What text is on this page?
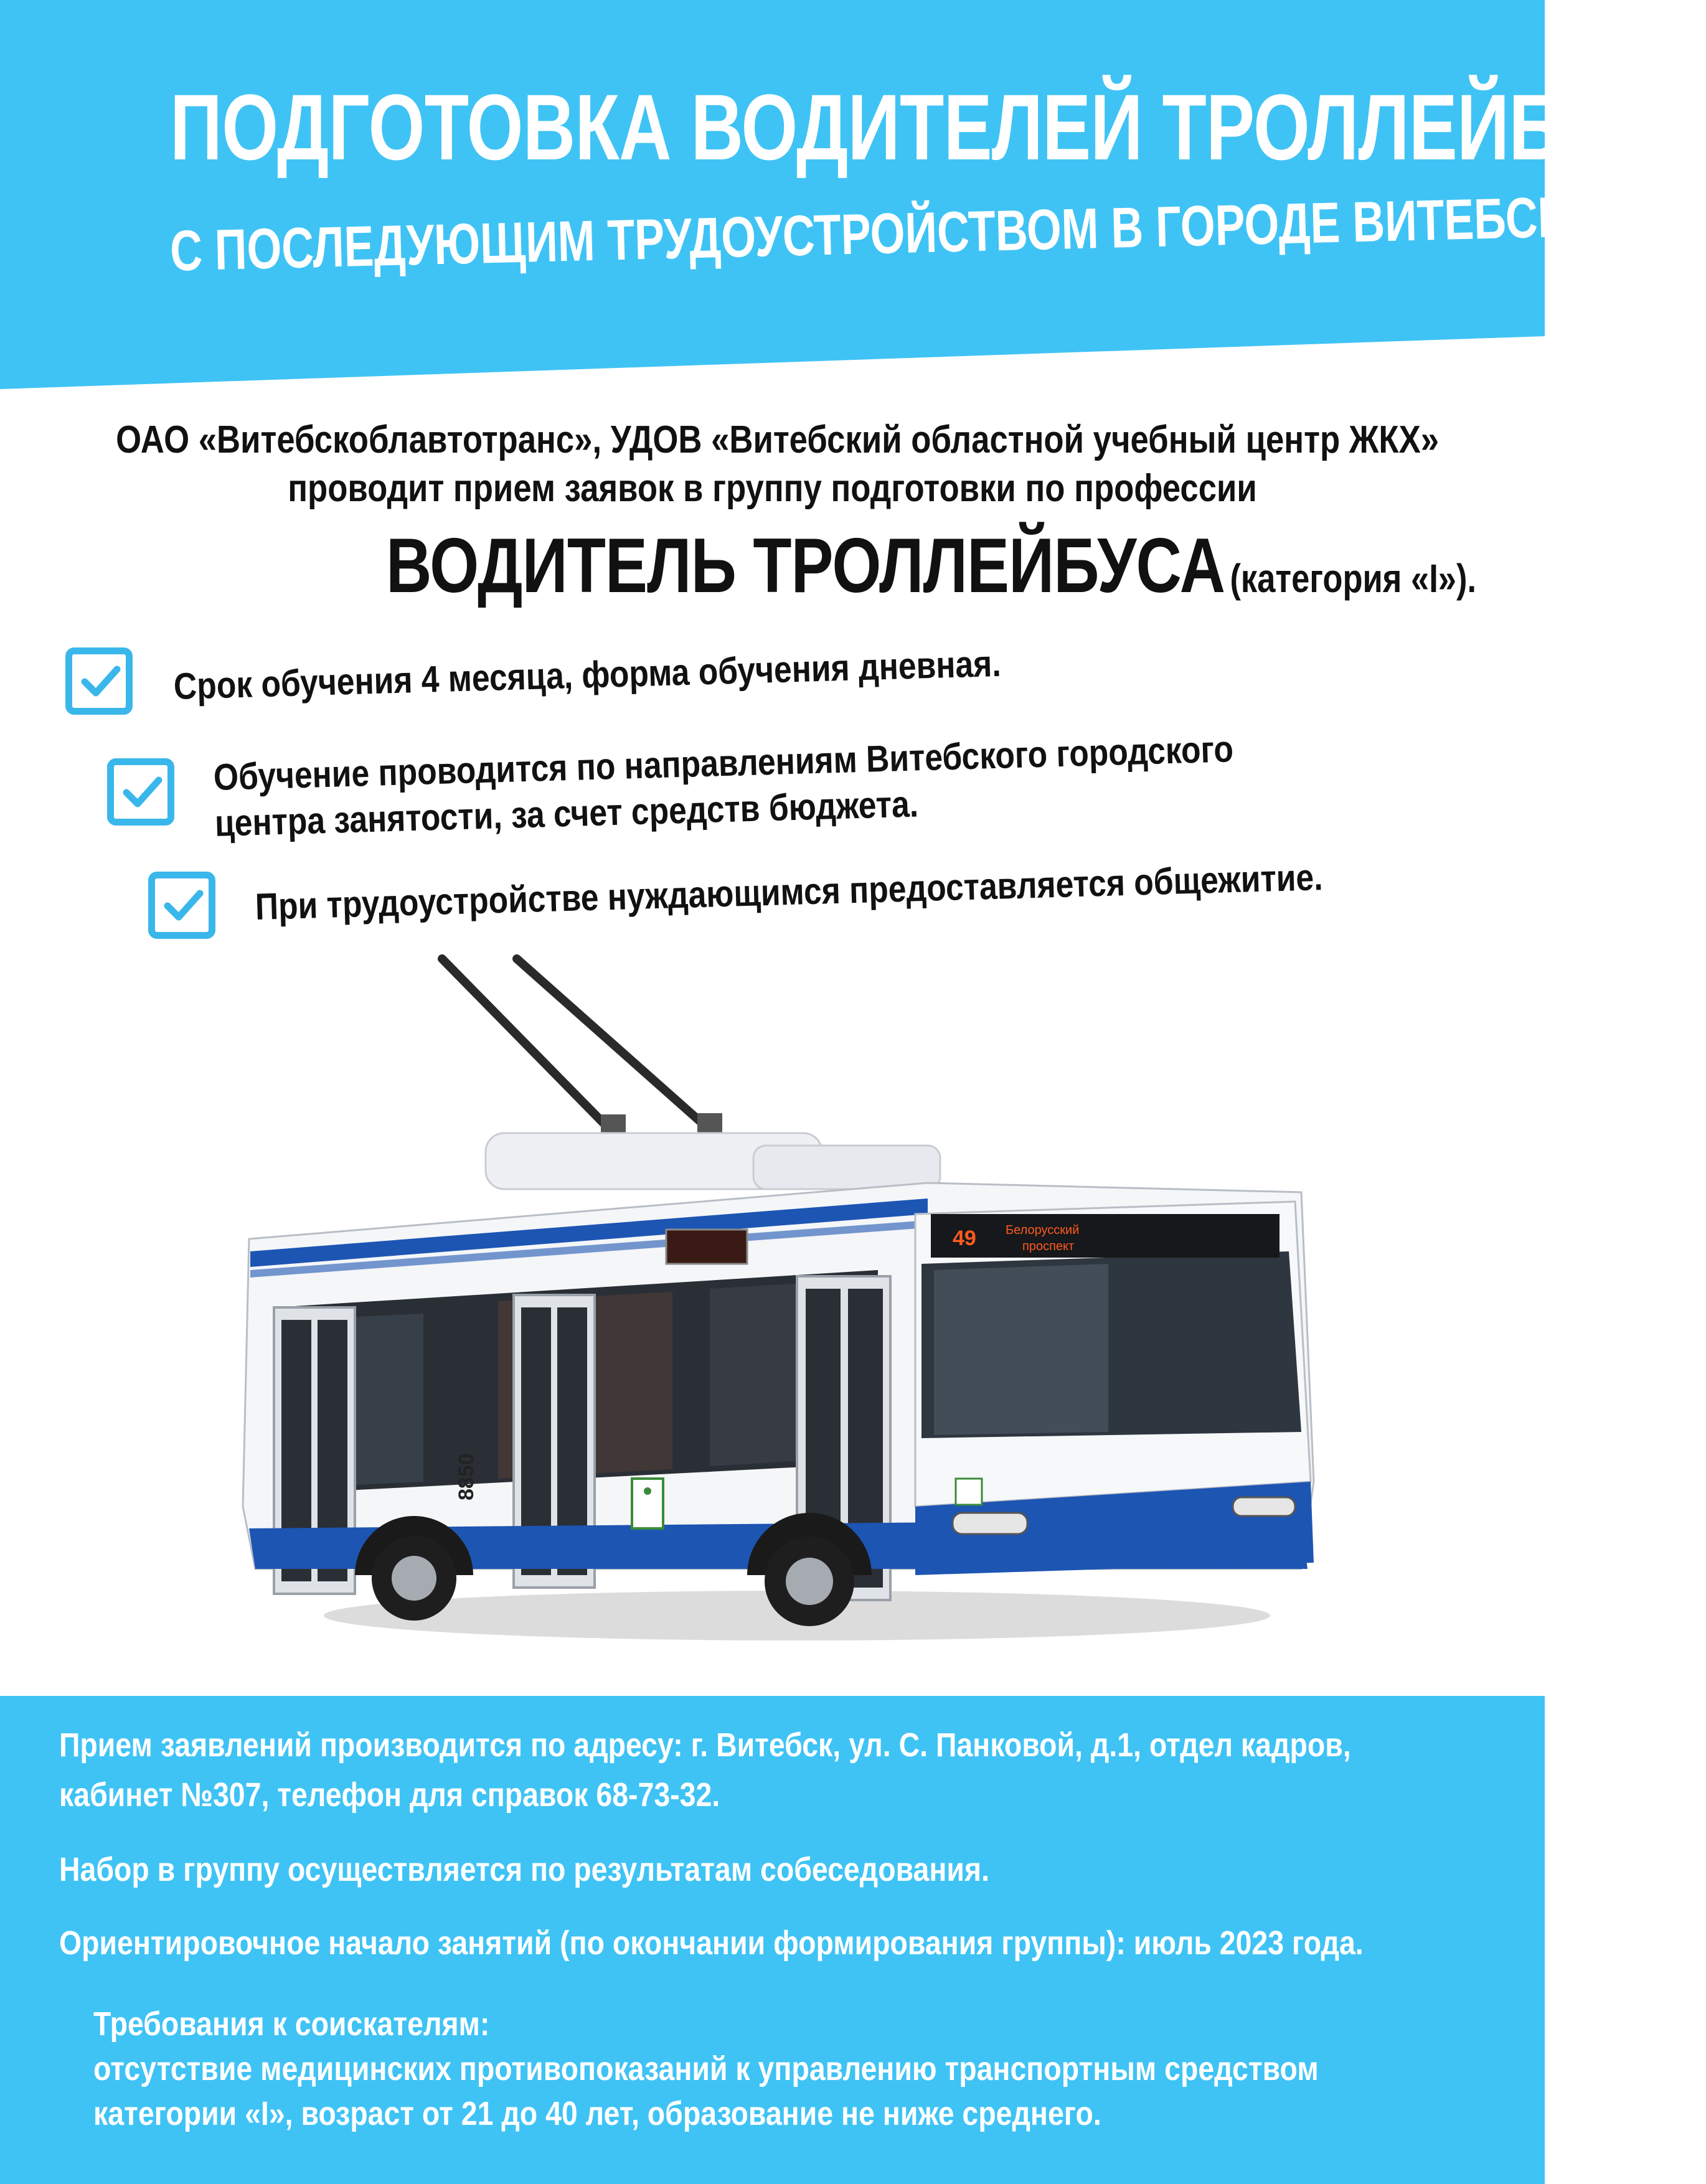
ПОДГОТОВКА ВОДИТЕЛЕЙ ТРОЛЛЕЙБУСА
С ПОСЛЕДУЮЩИМ ТРУДОУСТРОЙСТВОМ В ГОРОДЕ ВИТЕБСК
ОАО «Витебскоблавтотранс», УДОВ «Витебский областной учебный центр ЖКХ»
проводит прием заявок в группу подготовки по профессии
ВОДИТЕЛЬ ТРОЛЛЕЙБУСА (категория «I»).
Срок обучения 4 месяца, форма обучения дневная.
Обучение проводится по направлениям Витебского городского
центра занятости, за счет средств бюджета.
При трудоустройстве нуждающимся предоставляется общежитие.
49 Белорусский
проспект
8850
Прием заявлений производится по адресу: г. Витебск, ул. С. Панковой, д.1, отдел кадров,
кабинет №307, телефон для справок 68-73-32.
Набор в группу осуществляется по результатам собеседования.
Ориентировочное начало занятий (по окончании формирования группы): июль 2023 года.
Требования к соискателям:
отсутствие медицинских противопоказаний к управлению транспортным средством
категории «I», возраст от 21 до 40 лет, образование не ниже среднего.
